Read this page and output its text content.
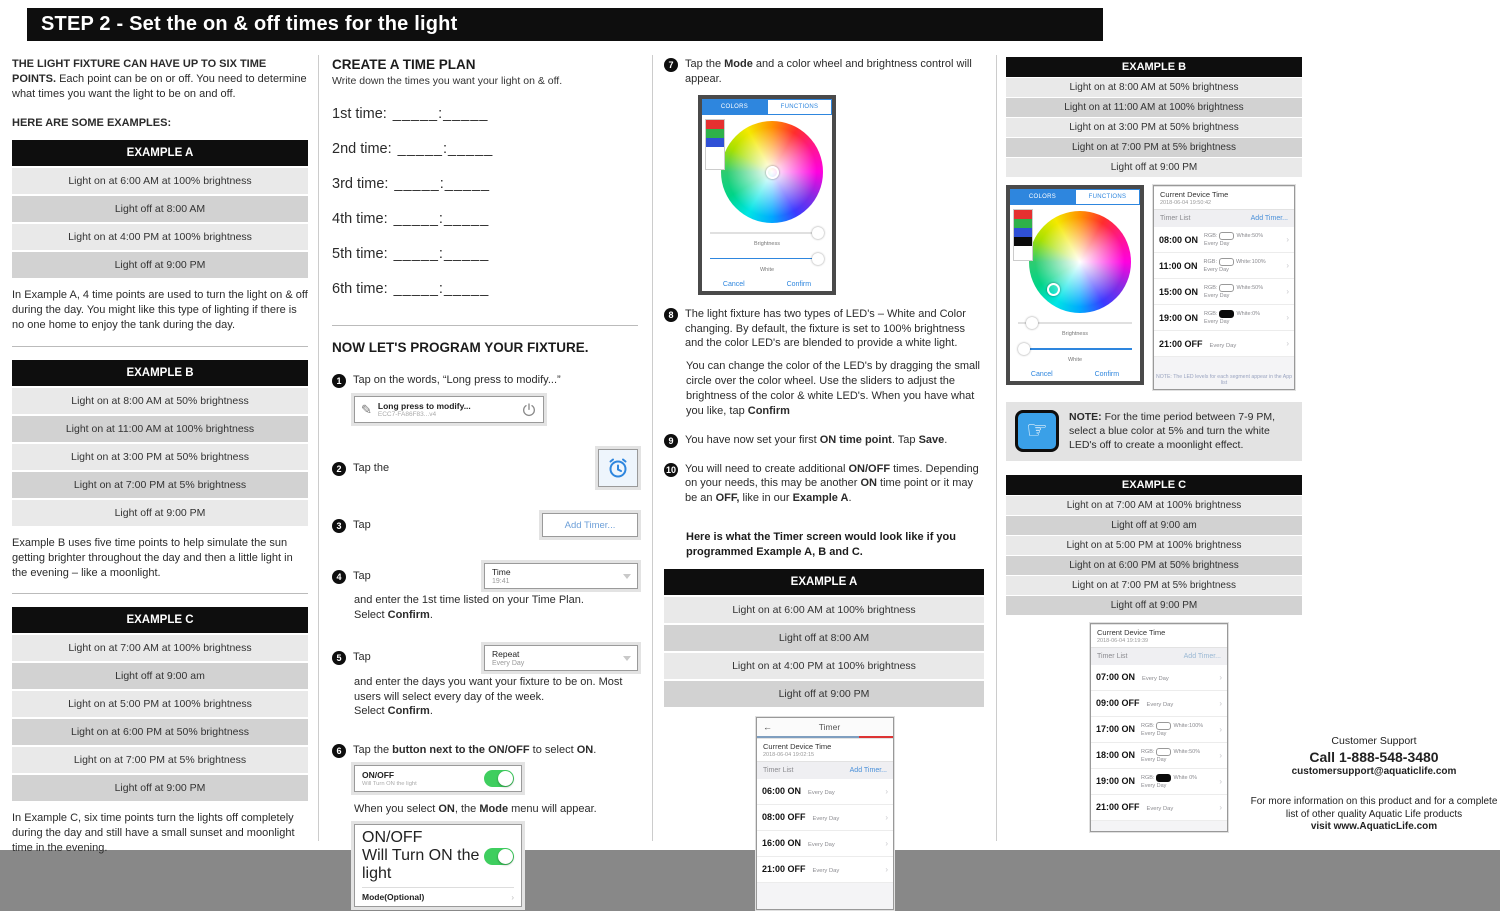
STEP 2 - Set the on & off times for the light

THE LIGHT FIXTURE CAN HAVE UP TO SIX TIME POINTS. Each point can be on or off. You need to determine what times you want the light to be on and off.

HERE ARE SOME EXAMPLES:

EXAMPLE A
Light on at 6:00 AM at 100% brightness
Light off at 8:00 AM
Light on at 4:00 PM at 100% brightness
Light off at 9:00 PM

In Example A, 4 time points are used to turn the light on & off during the day. You might like this type of lighting if there is no one home to enjoy the tank during the day.

EXAMPLE B
Light on at 8:00 AM at 50% brightness
Light on at 11:00 AM at 100% brightness
Light on at 3:00 PM at 50% brightness
Light on at 7:00 PM at 5% brightness
Light off at 9:00 PM

Example B uses five time points to help simulate the sun getting brighter throughout the day and then a little light in the evening – like a moonlight.

EXAMPLE C
Light on at 7:00 AM at 100% brightness
Light off at 9:00 am
Light on at 5:00 PM at 100% brightness
Light on at 6:00 PM at 50% brightness
Light on at 7:00 PM at 5% brightness
Light off at 9:00 PM

In Example C, six time points turn the lights off completely during the day and still have a small sunset and moonlight time in the evening.

CREATE A TIME PLAN

Write down the times you want your light on & off.

1st time: _____:_____
2nd time: _____:_____
3rd time: _____:_____
4th time: _____:_____
5th time: _____:_____
6th time: _____:_____

NOW LET'S PROGRAM YOUR FIXTURE.

1	Tap on the words, “Long press to modify...”

✎ Long press to modify...
ECC7-FA86F83...v4
2	Tap the

3	Tap	Add Timer...
4	Tap	Time
19:41

and enter the 1st time listed on your Time Plan.
Select Confirm.

5	Tap	Repeat
Every Day

and enter the days you want your fixture to be on. Most users will select every day of the week.
Select Confirm.

6	Tap the button next to the ON/OFF to select ON.

ON/OFF
Will Turn ON the light

When you select ON, the Mode menu will appear.

ON/OFF
Will Turn ON the light
Mode(Optional)	›
7	Tap the Mode and a color wheel and brightness control will appear.

COLORS	FUNCTIONS
Brightness
White
Cancel	Confirm
8	The light fixture has two types of LED's – White and Color changing. By default, the fixture is set to 100% brightness and the color LED's are blended to provide a white light.

You can change the color of the LED's by dragging the small circle over the color wheel. Use the sliders to adjust the brightness of the color & white LED's. When you have what you like, tap Confirm

9	You have now set your first ON time point. Tap Save.

10 You will need to create additional ON/OFF times. Depending on your needs, this may be another ON time point or it may be an OFF, like in our Example A.

Here is what the Timer screen would look like if you programmed Example A, B and C.

EXAMPLE A
Light on at 6:00 AM at 100% brightness
Light off at 8:00 AM
Light on at 4:00 PM at 100% brightness
Light off at 9:00 PM
←	Timer
Current Device Time
2018-06-04 19:02:15
Timer List	Add Timer...
06:00 ON Every Day	›
08:00 OFF Every Day	›
16:00 ON Every Day	›
21:00 OFF Every Day	›
EXAMPLE B
Light on at 8:00 AM at 50% brightness
Light on at 11:00 AM at 100% brightness
Light on at 3:00 PM at 50% brightness
Light on at 7:00 PM at 5% brightness
Light off at 9:00 PM
COLORS	FUNCTIONS
Brightness
White
Cancel	Confirm
Current Device Time
2018-06-04 19:50:42
Timer List	Add Timer...
08:00 ON RGB:	White:50%
Every Day	›
11:00 ON RGB:	White:100%
Every Day	›
15:00 ON RGB:	White:50%
Every Day	›
19:00 ON RGB:	White:0%
Every Day	›
21:00 OFF Every Day	›
NOTE: The LED levels for each segment appear in the App list
☞

NOTE: For the time period between 7-9 PM, select a blue color at 5% and turn the white LED's off to create a moonlight effect.

EXAMPLE C
Light on at 7:00 AM at 100% brightness
Light off at 9:00 am
Light on at 5:00 PM at 100% brightness
Light on at 6:00 PM at 50% brightness
Light on at 7:00 PM at 5% brightness
Light off at 9:00 PM
Current Device Time
2018-06-04 19:19:39
Timer List	Add Timer...
07:00 ON Every Day	›
09:00 OFF Every Day	›
17:00 ON RGB:	White:100%
Every Day	›
18:00 ON RGB:	White:50%
Every Day	›
19:00 ON RGB:	White 0%
Every Day	›
21:00 OFF Every Day	›
Customer Support
Call 1-888-548-3480
customersupport@aquaticlife.com
For more information on this product and for a complete list of other quality Aquatic Life products
visit www.AquaticLife.com
